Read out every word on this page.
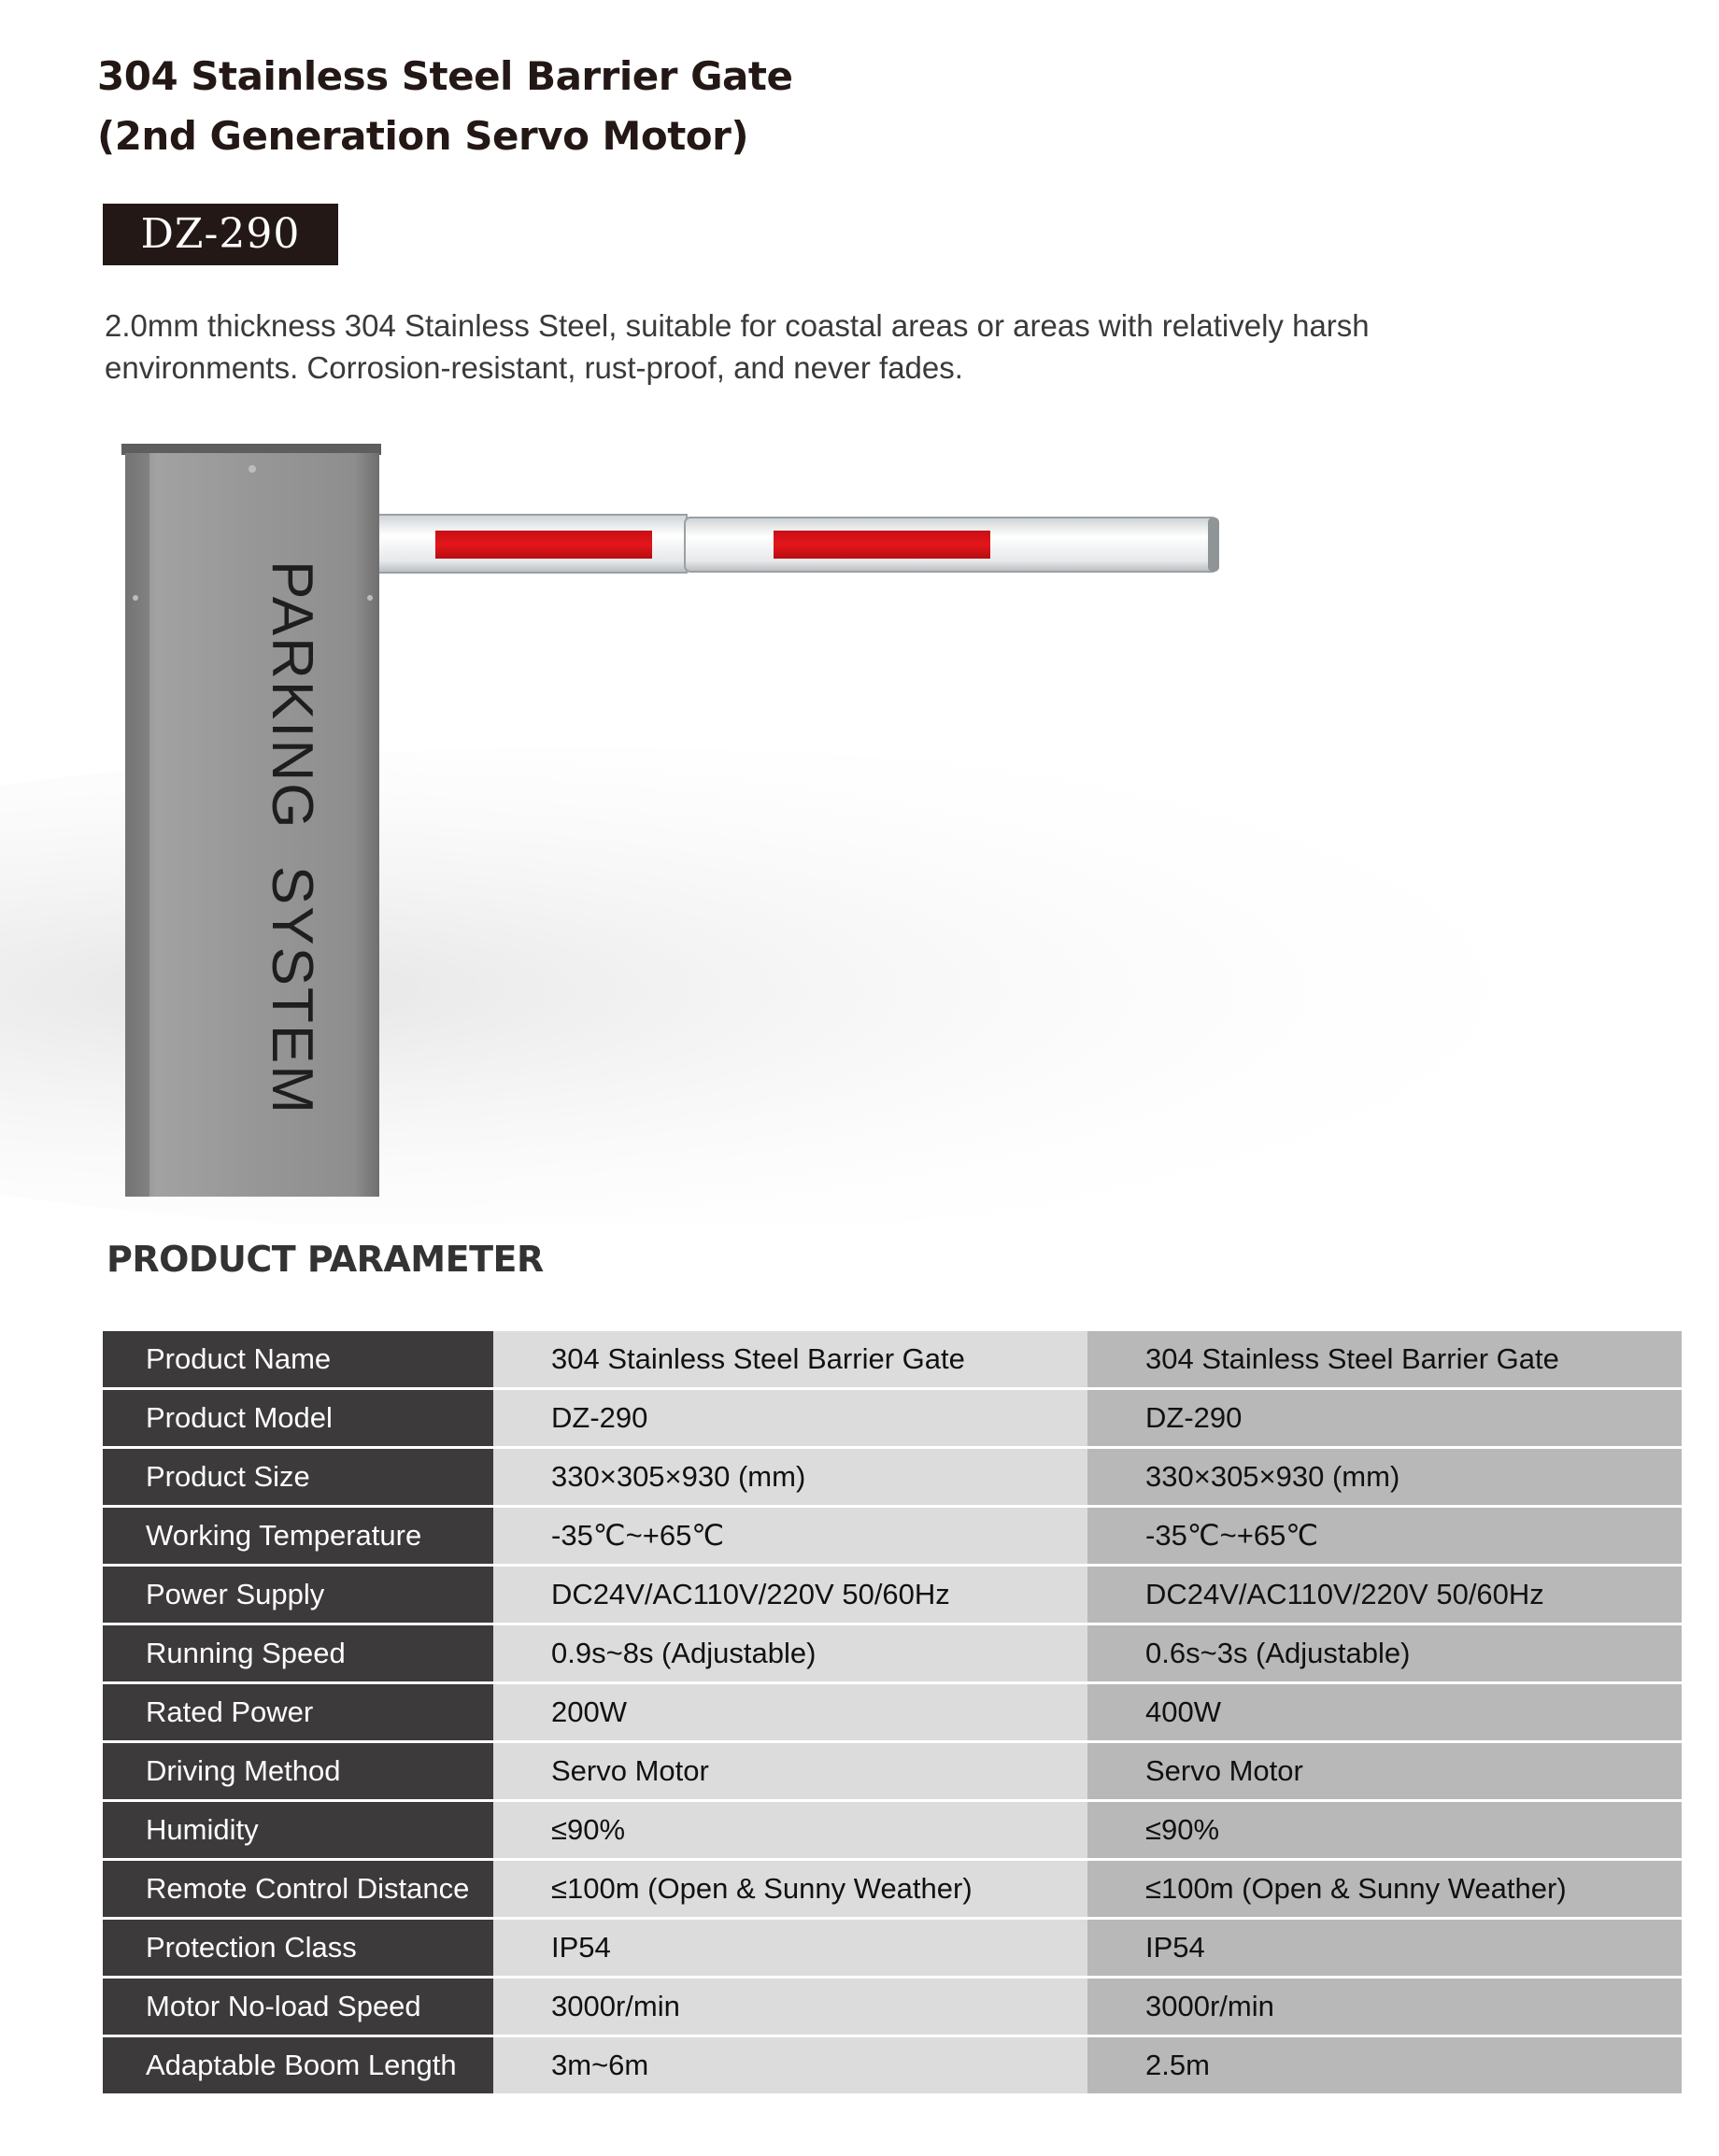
304 Stainless Steel Barrier Gate
(2nd Generation Servo Motor)
DZ-290

2.0mm thickness 304 Stainless Steel, suitable for coastal areas or areas with relatively harsh environments. Corrosion-resistant, rust-proof, and never fades.

PARKING  SYSTEM
PRODUCT PARAMETER
Product Name	304 Stainless Steel Barrier Gate	304 Stainless Steel Barrier Gate
Product Model	DZ-290	DZ-290
Product Size	330×305×930 (mm)	330×305×930 (mm)
Working Temperature	-35℃~+65℃	-35℃~+65℃
Power Supply	DC24V/AC110V/220V 50/60Hz	DC24V/AC110V/220V 50/60Hz
Running Speed	0.9s~8s (Adjustable)	0.6s~3s (Adjustable)
Rated Power	200W	400W
Driving Method	Servo Motor	Servo Motor
Humidity	≤90%	≤90%
Remote Control Distance	≤100m (Open & Sunny Weather)	≤100m (Open & Sunny Weather)
Protection Class	IP54	IP54
Motor No-load Speed	3000r/min	3000r/min
Adaptable Boom Length	3m~6m	2.5m
